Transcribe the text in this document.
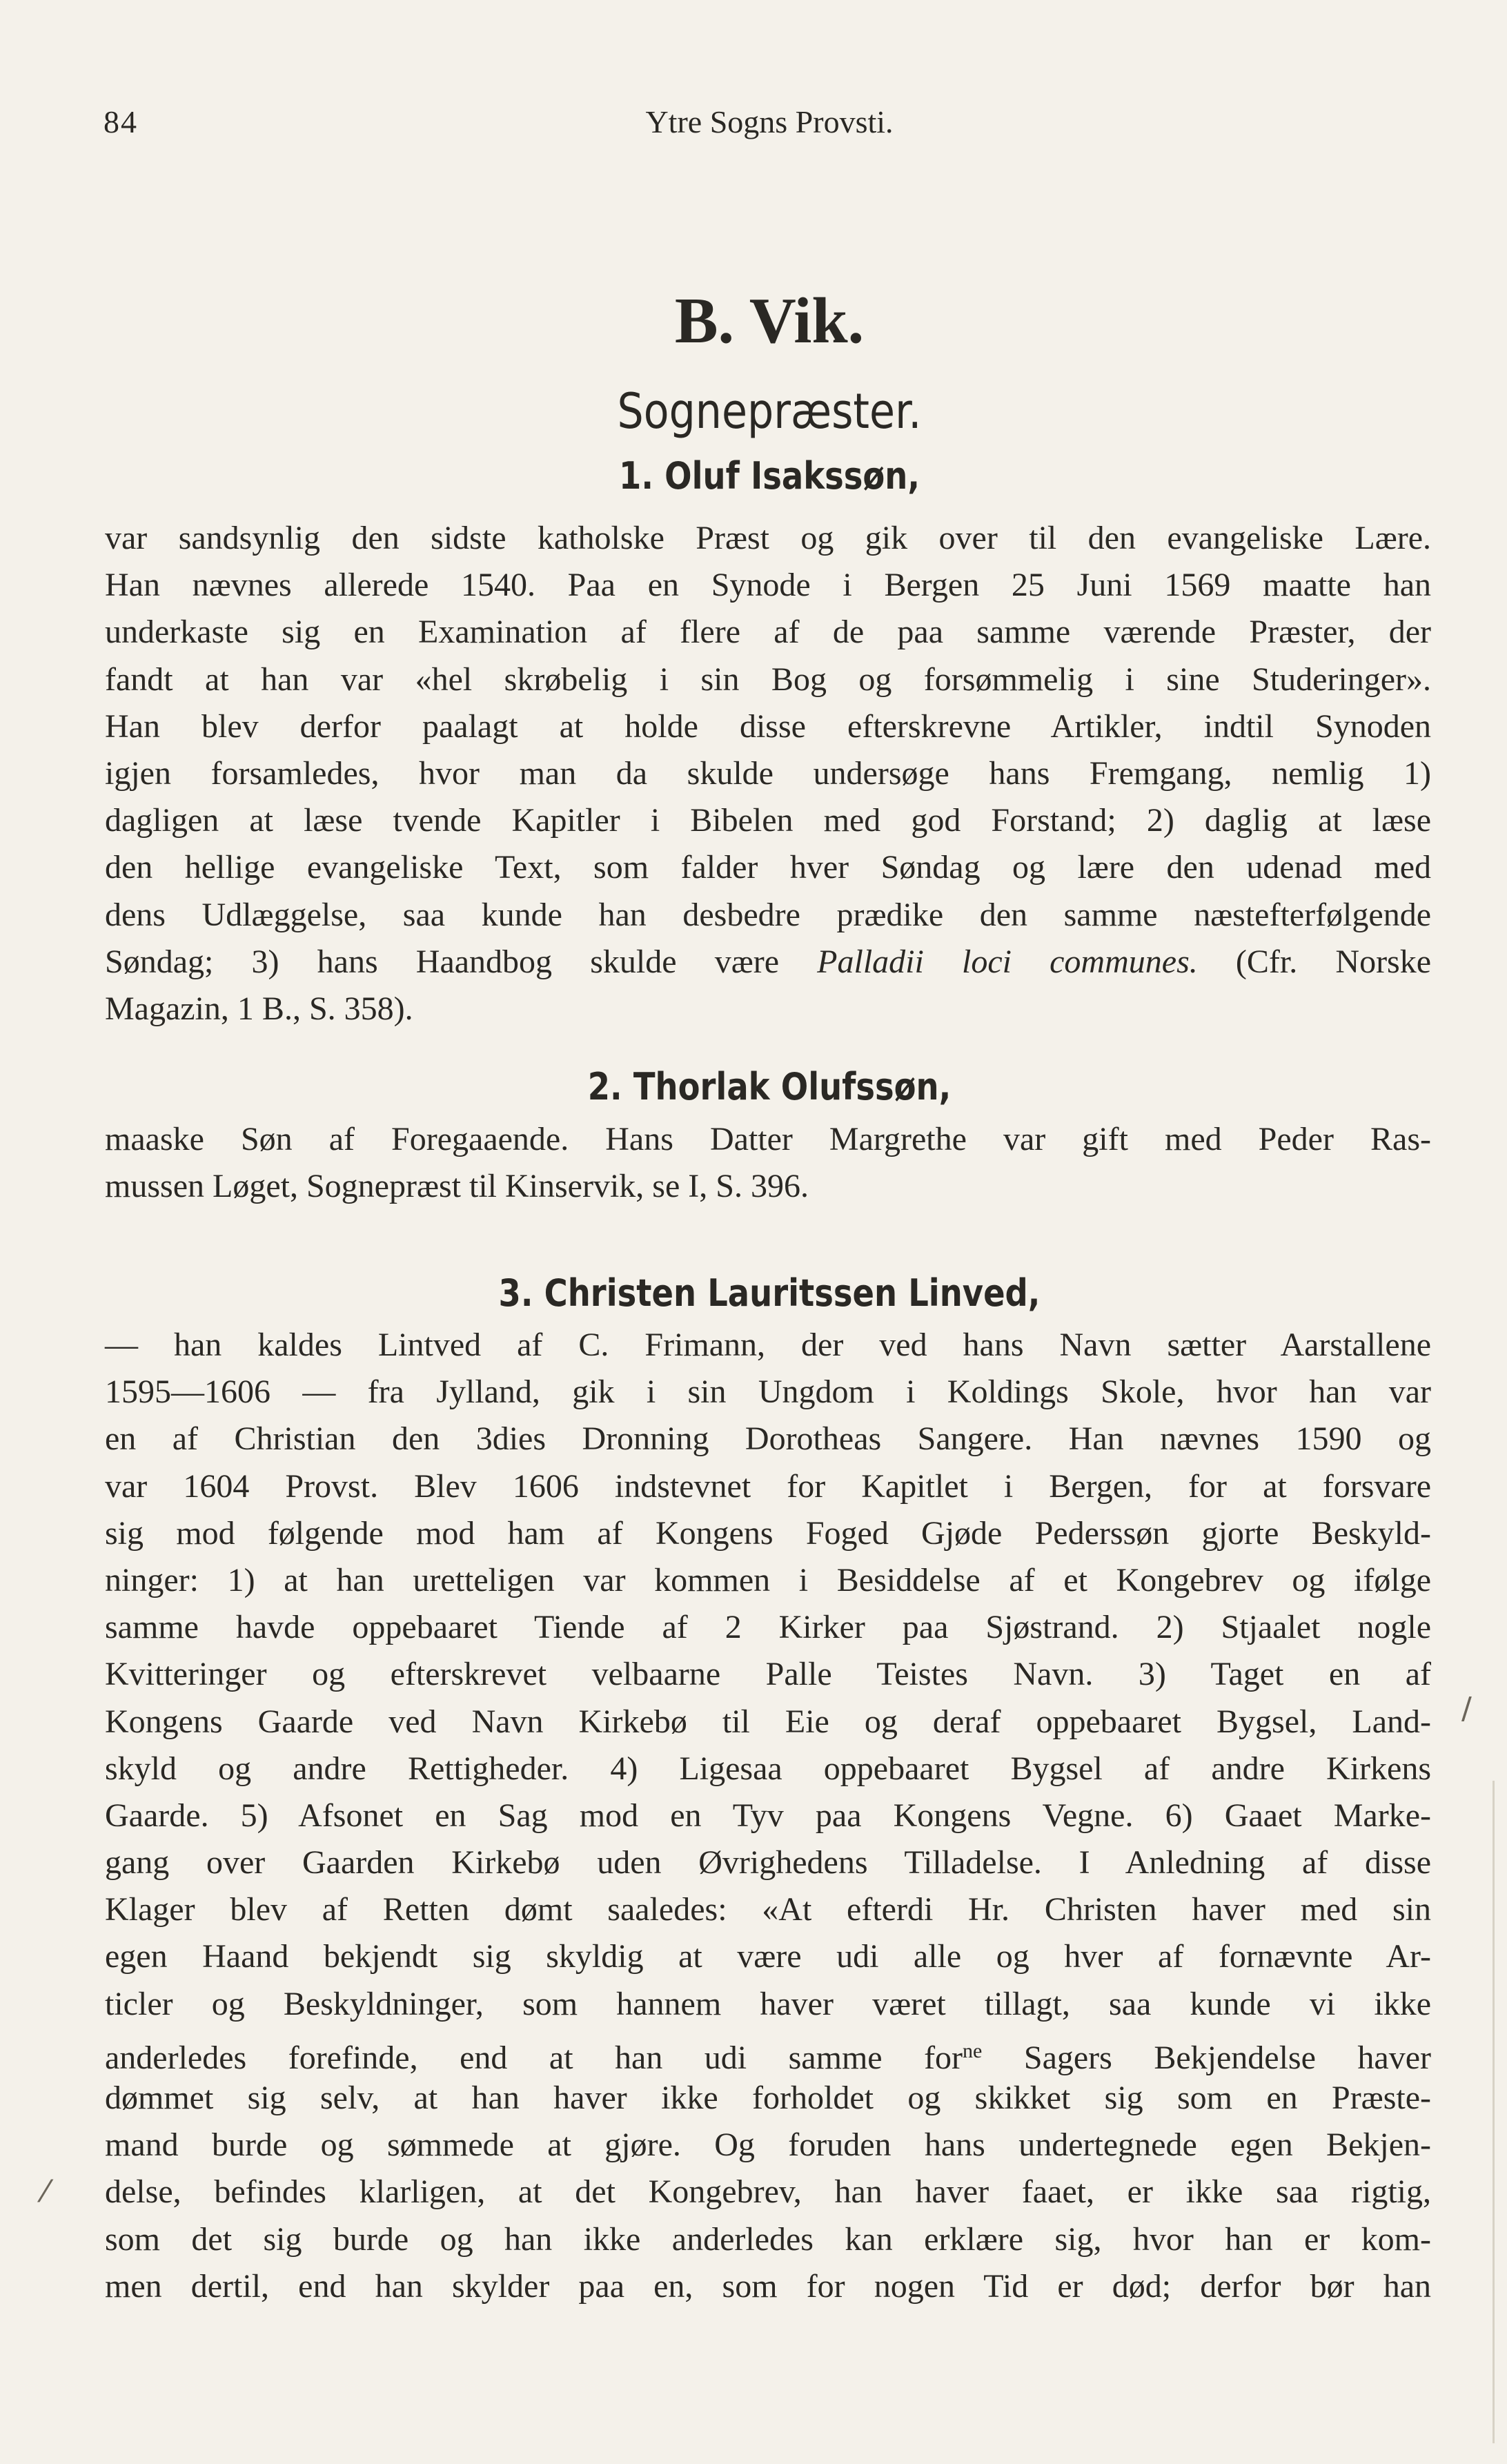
84	Ytre Sogns Provsti.
B. Vik.
Sognepræster.
1. Oluf Isakssøn,
var sandsynlig den sidste katholske Præst og gik over til den evangeliske Lære.
Han nævnes allerede 1540. Paa en Synode i Bergen 25 Juni 1569 maatte han
underkaste sig en Examination af flere af de paa samme værende Præster, der
fandt at han var «hel skrøbelig i sin Bog og forsømmelig i sine Studeringer».
Han blev derfor paalagt at holde disse efterskrevne Artikler, indtil Synoden
igjen forsamledes, hvor man da skulde undersøge hans Fremgang, nemlig 1)
dagligen at læse tvende Kapitler i Bibelen med god Forstand; 2) daglig at læse
den hellige evangeliske Text, som falder hver Søndag og lære den udenad med
dens Udlæggelse, saa kunde han desbedre prædike den samme næstefterfølgende
Søndag; 3) hans Haandbog skulde være Palladii loci communes. (Cfr. Norske
Magazin, 1 B., S. 358).
2. Thorlak Olufssøn,
maaske Søn af Foregaaende. Hans Datter Margrethe var gift med Peder Ras-
mussen Løget, Sognepræst til Kinservik, se I, S. 396.
3. Christen Lauritssen Linved,
— han kaldes Lintved af C. Frimann, der ved hans Navn sætter Aarstallene
1595—1606 — fra Jylland, gik i sin Ungdom i Koldings Skole, hvor han var
en af Christian den 3dies Dronning Dorotheas Sangere. Han nævnes 1590 og
var 1604 Provst. Blev 1606 indstevnet for Kapitlet i Bergen, for at forsvare
sig mod følgende mod ham af Kongens Foged Gjøde Pederssøn gjorte Beskyld-
ninger: 1) at han uretteligen var kommen i Besiddelse af et Kongebrev og ifølge
samme havde oppebaaret Tiende af 2 Kirker paa Sjøstrand. 2) Stjaalet nogle
Kvitteringer og efterskrevet velbaarne Palle Teistes Navn. 3) Taget en af
Kongens Gaarde ved Navn Kirkebø til Eie og deraf oppebaaret Bygsel, Land-
skyld og andre Rettigheder. 4) Ligesaa oppebaaret Bygsel af andre Kirkens
Gaarde. 5) Afsonet en Sag mod en Tyv paa Kongens Vegne. 6) Gaaet Marke-
gang over Gaarden Kirkebø uden Øvrighedens Tilladelse. I Anledning af disse
Klager blev af Retten dømt saaledes: «At efterdi Hr. Christen haver med sin
egen Haand bekjendt sig skyldig at være udi alle og hver af fornævnte Ar-
ticler og Beskyldninger, som hannem haver været tillagt, saa kunde vi ikke
anderledes forefinde, end at han udi samme for$^{ne}$ Sagers Bekjendelse haver
dømmet sig selv, at han haver ikke forholdet og skikket sig som en Præste-
mand burde og sømmede at gjøre. Og foruden hans undertegnede egen Bekjen-
delse, befindes klarligen, at det Kongebrev, han haver faaet, er ikke saa rigtig,
som det sig burde og han ikke anderledes kan erklære sig, hvor han er kom-
men dertil, end han skylder paa en, som for nogen Tid er død; derfor bør han
/
⁄
